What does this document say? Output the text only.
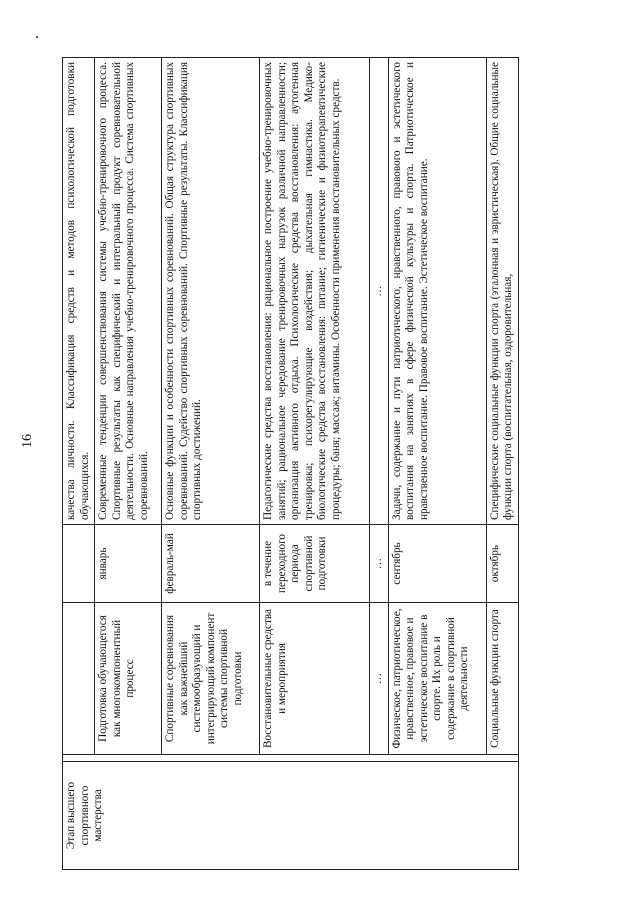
16
Этап высшего спортивного мастерства				качества личности. Классификация средств и методов психологической подготовки обучающихся.
		Подготовка обучающегося как многокомпонентный процесс	январь	Современные тенденции совершенствования системы учебно-тренировочного процесса. Спортивные результаты как специфический и интегральный продукт соревновательной деятельности. Основные направления учебно-тренировочного процесса. Система спортивных соревнований.
		Спортивные соревнования как важнейший системообразующий и интегрирующий компонент системы спортивной подготовки	февраль-май	Основные функции и особенности спортивных соревнований. Общая структура спортивных соревнований. Судейство спортивных соревнований. Спортивные результаты. Классификация спортивных достижений.
		Восстановительные средства и мероприятия	в течение переходного периода спортивной подготовки	Педагогические средства восстановления: рациональное построение учебно-тренировочных занятий; рациональное чередование тренировочных нагрузок различной направленности; организация активного отдыха. Психологические средства восстановления: аутогенная тренировка; психорегулирующие воздействия; дыхательная гимнастика. Медико-биологические средства восстановления: питание; гигиенические и физиотерапевтические процедуры; баня; массаж; витамины. Особенности применения восстановительных средств.
		…	…	…
		Физическое, патриотическое, нравственное, правовое и эстетическое воспитание в спорте. Их роль и содержание в спортивной деятельности	сентябрь	Задачи, содержание и пути патриотического, нравственного, правового и эстетического воспитания на занятиях в сфере физической культуры и спорта. Патриотическое и нравственное воспитание. Правовое воспитание. Эстетическое воспитание.
		Социальные функции спорта	октябрь	Специфические социальные функции спорта (эталонная и эвристическая). Общие социальные функции спорта (воспитательная, оздоровительная,
